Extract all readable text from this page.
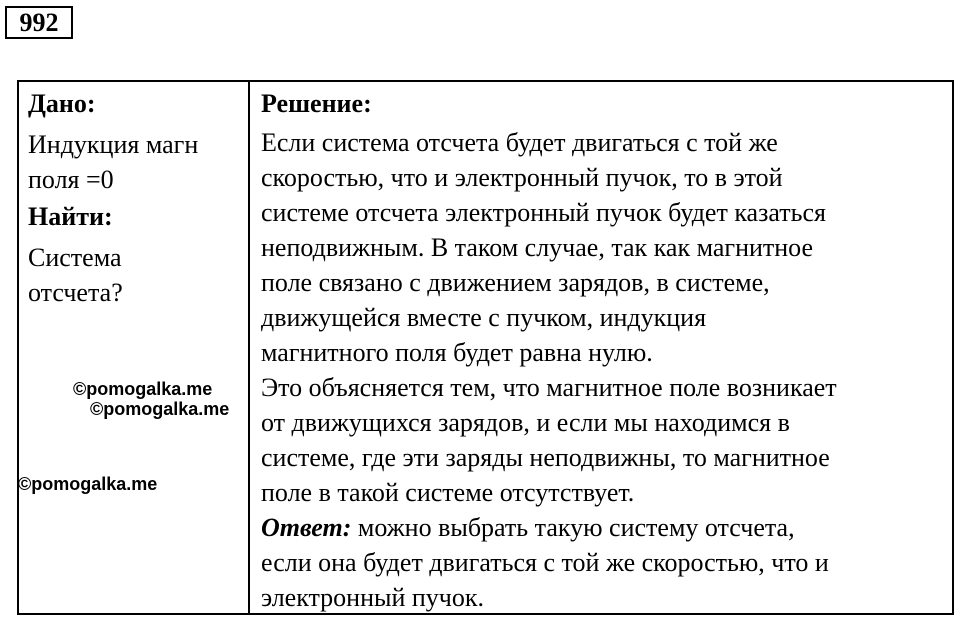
992
Дано:
Индукция магн
поля =0
Найти:
Система
отсчета?
Решение:
Если система отсчета будет двигаться с той же
скоростью, что и электронный пучок, то в этой
системе отсчета электронный пучок будет казаться
неподвижным. В таком случае, так как магнитное
поле связано с движением зарядов, в системе,
движущейся вместе с пучком, индукция
магнитного поля будет равна нулю.
Это объясняется тем, что магнитное поле возникает
от движущихся зарядов, и если мы находимся в
системе, где эти заряды неподвижны, то магнитное
поле в такой системе отсутствует.
Ответ: можно выбрать такую систему отсчета,
если она будет двигаться с той же скоростью, что и
электронный пучок.
©pomogalka.me
©pomogalka.me
©pomogalka.me
